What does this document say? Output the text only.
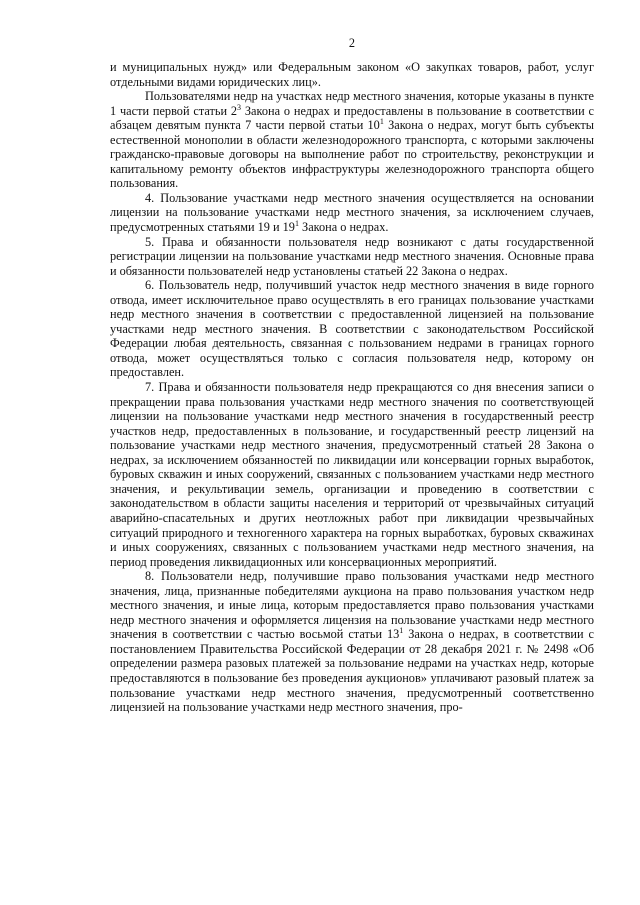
2

и муниципальных нужд» или Федеральным законом «О закупках товаров, работ, услуг отдельными видами юридических лиц».

Пользователями недр на участках недр местного значения, которые указаны в пункте 1 части первой статьи $2^3$ Закона о недрах и предоставлены в пользование в соответствии с абзацем девятым пункта 7 части первой статьи $10^1$ Закона о недрах, могут быть субъекты естественной монополии в области железнодорожного транспорта, с которыми заключены гражданско-правовые договоры на выполнение работ по строительству, реконструкции и капитальному ремонту объектов инфраструктуры железнодорожного транспорта общего пользования.

4. Пользование участками недр местного значения осуществляется на основании лицензии на пользование участками недр местного значения, за исключением случаев, предусмотренных статьями 19 и $19^1$ Закона о недрах.

5. Права и обязанности пользователя недр возникают с даты государственной регистрации лицензии на пользование участками недр местного значения. Основные права и обязанности пользователей недр установлены статьей 22 Закона о недрах.

6. Пользователь недр, получивший участок недр местного значения в виде горного отвода, имеет исключительное право осуществлять в его границах пользование участками недр местного значения в соответствии с предоставленной лицензией на пользование участками недр местного значения. В соответствии с законодательством Российской Федерации любая деятельность, связанная с пользованием недрами в границах горного отвода, может осуществляться только с согласия пользователя недр, которому он предоставлен.

7. Права и обязанности пользователя недр прекращаются со дня внесения записи о прекращении права пользования участками недр местного значения по соответствующей лицензии на пользование участками недр местного значения в государственный реестр участков недр, предоставленных в пользование, и государственный реестр лицензий на пользование участками недр местного значения, предусмотренный статьей 28 Закона о недрах, за исключением обязанностей по ликвидации или консервации горных выработок, буровых скважин и иных сооружений, связанных с пользованием участками недр местного значения, и рекультивации земель, организации и проведению в соответствии с законодательством в области защиты населения и территорий от чрезвычайных ситуаций аварийно-спасательных и других неотложных работ при ликвидации чрезвычайных ситуаций природного и техногенного характера на горных выработках, буровых скважинах и иных сооружениях, связанных с пользованием участками недр местного значения, на период проведения ликвидационных или консервационных мероприятий.

8. Пользователи недр, получившие право пользования участками недр местного значения, лица, признанные победителями аукциона на право пользования участком недр местного значения, и иные лица, которым предоставляется право пользования участками недр местного значения и оформляется лицензия на пользование участками недр местного значения в соответствии с частью восьмой статьи $13^1$ Закона о недрах, в соответствии с постановлением Правительства Российской Федерации от 28 декабря 2021 г. № 2498 «Об определении размера разовых платежей за пользование недрами на участках недр, которые предоставляются в пользование без проведения аукционов» уплачивают разовый платеж за пользование участками недр местного значения, предусмотренный соответственно лицензией на пользование участками недр местного значения, про-
